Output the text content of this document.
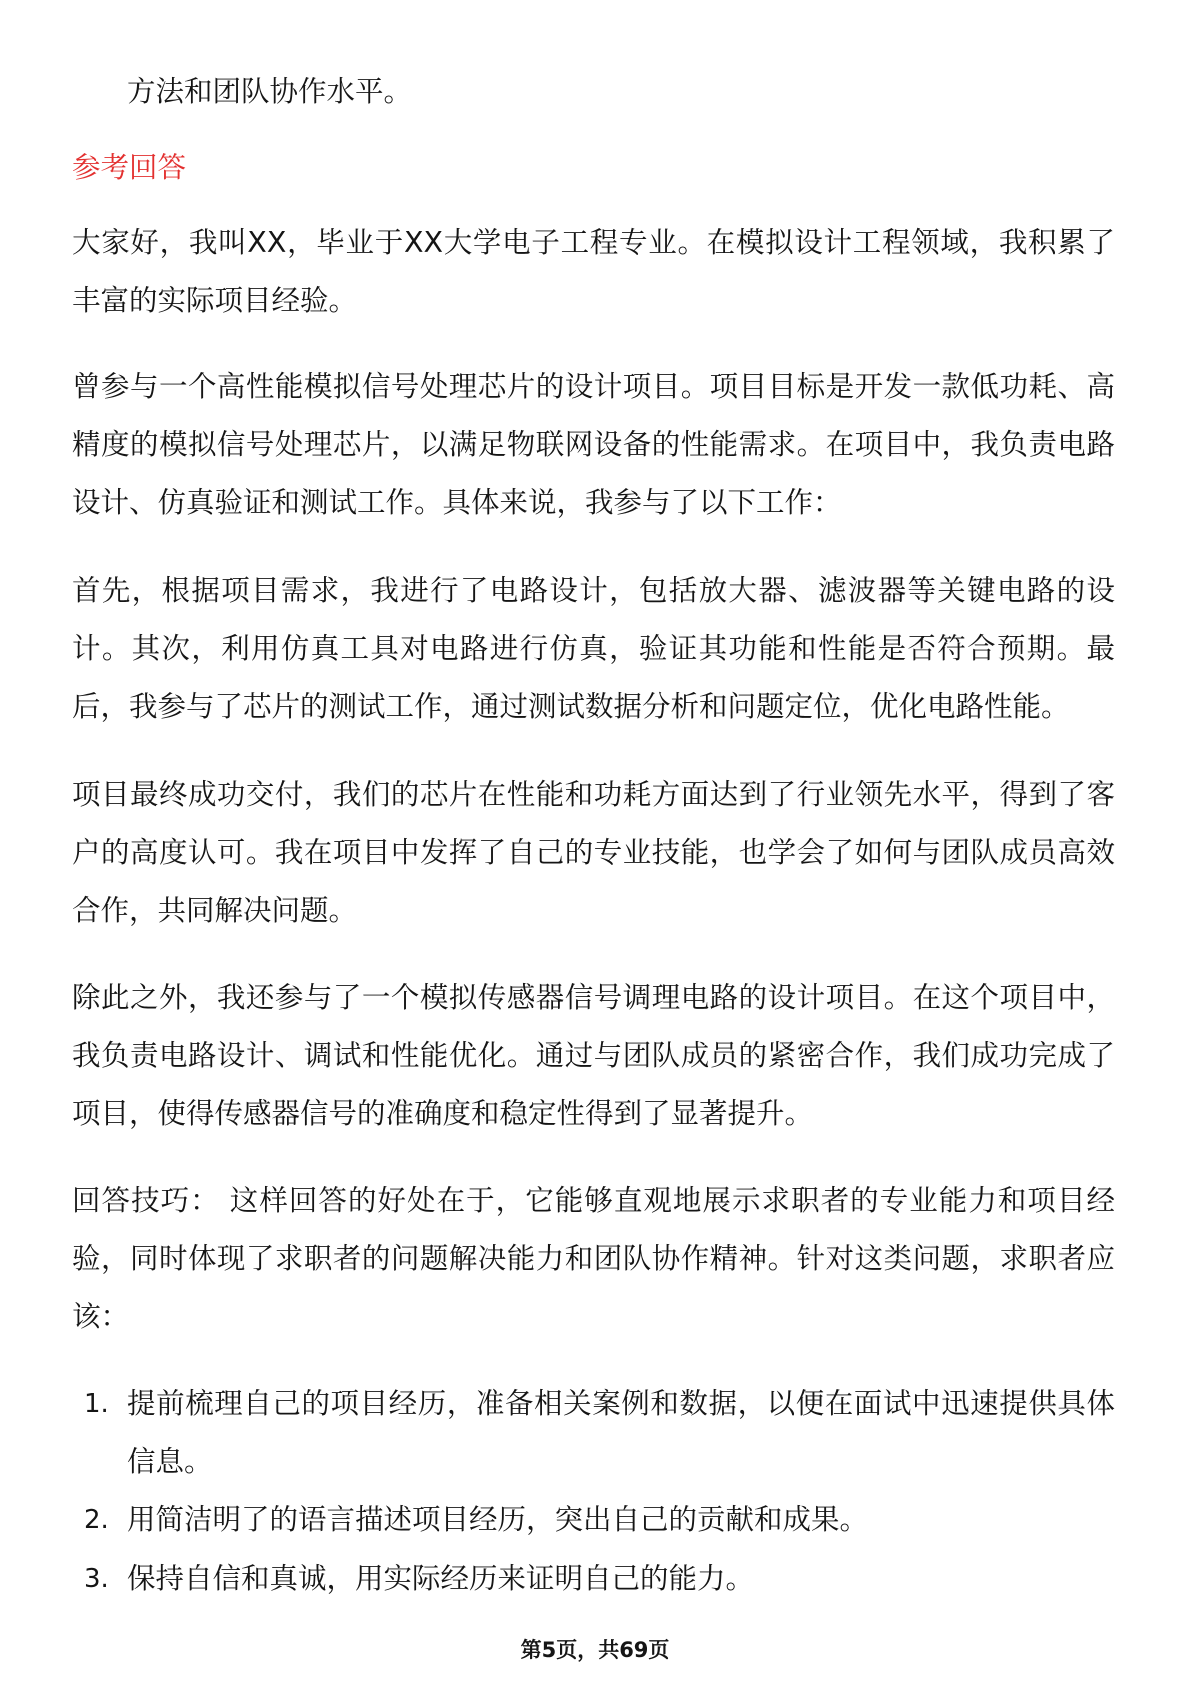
方法和团队协作水平。
参考回答
大家好，我叫XX，毕业于XX大学电子工程专业。在模拟设计工程领域，我积累了
丰富的实际项目经验。
曾参与一个高性能模拟信号处理芯片的设计项目。项目目标是开发一款低功耗、高
精度的模拟信号处理芯片，以满足物联网设备的性能需求。在项目中，我负责电路
设计、仿真验证和测试工作。具体来说，我参与了以下工作：
首先，根据项目需求，我进行了电路设计，包括放大器、滤波器等关键电路的设
计。其次，利用仿真工具对电路进行仿真，验证其功能和性能是否符合预期。最
后，我参与了芯片的测试工作，通过测试数据分析和问题定位，优化电路性能。
项目最终成功交付，我们的芯片在性能和功耗方面达到了行业领先水平，得到了客
户的高度认可。我在项目中发挥了自己的专业技能，也学会了如何与团队成员高效
合作，共同解决问题。
除此之外，我还参与了一个模拟传感器信号调理电路的设计项目。在这个项目中，
我负责电路设计、调试和性能优化。通过与团队成员的紧密合作，我们成功完成了
项目，使得传感器信号的准确度和稳定性得到了显著提升。
回答技巧： 这样回答的好处在于，它能够直观地展示求职者的专业能力和项目经
验，同时体现了求职者的问题解决能力和团队协作精神。针对这类问题，求职者应
该：
1. 提前梳理自己的项目经历，准备相关案例和数据，以便在面试中迅速提供具体
信息。
2. 用简洁明了的语言描述项目经历，突出自己的贡献和成果。
3. 保持自信和真诚，用实际经历来证明自己的能力。
第5页，共69页
